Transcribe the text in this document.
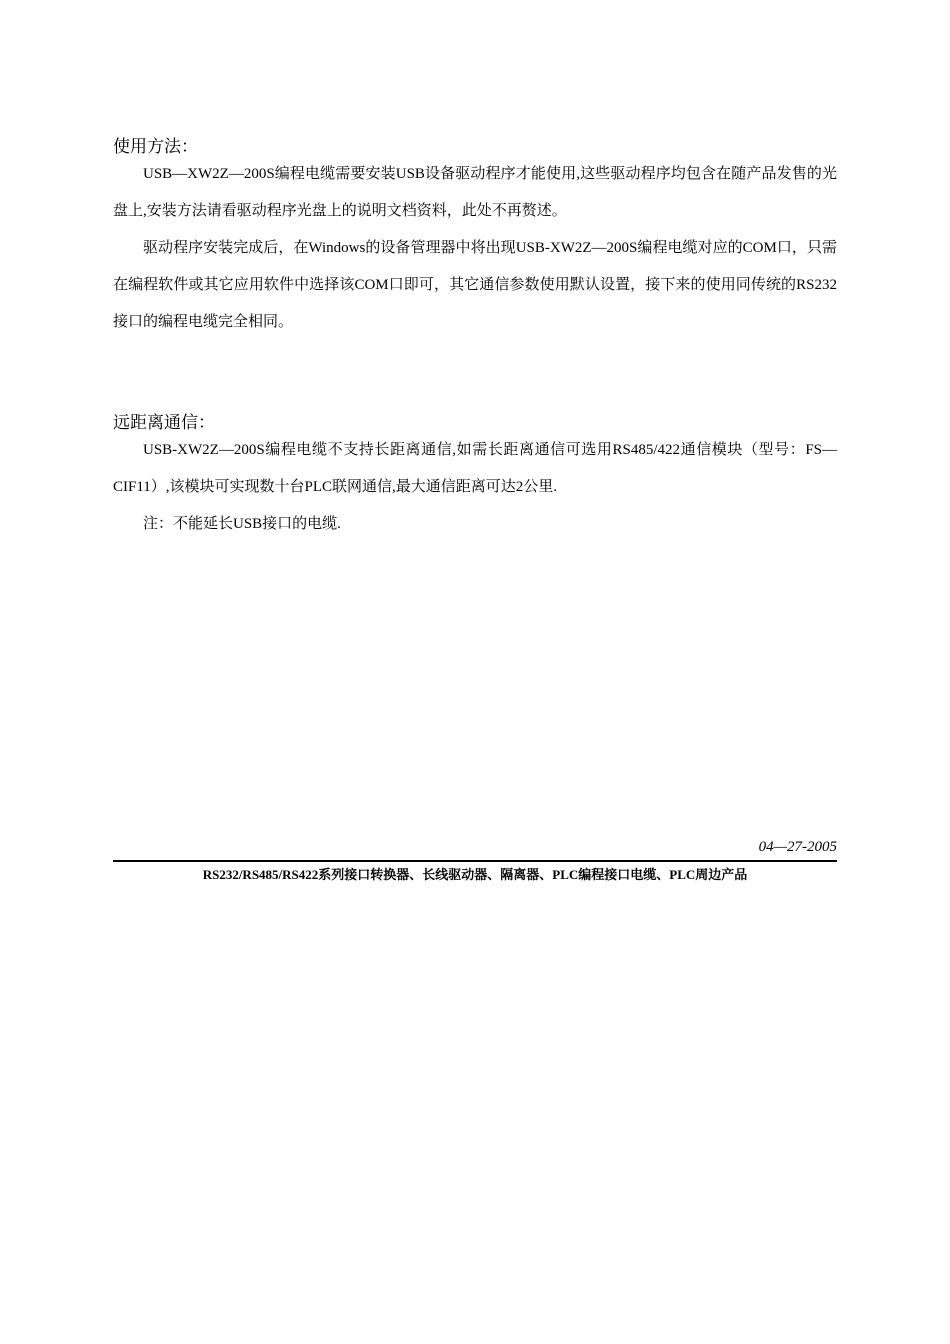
使用方法：

USB—XW2Z—200S编程电缆需要安装USB设备驱动程序才能使用,这些驱动程序均包含在随产品发售的光盘上,安装方法请看驱动程序光盘上的说明文档资料，此处不再赘述。

驱动程序安装完成后，在Windows的设备管理器中将出现USB-XW2Z—200S编程电缆对应的COM口，只需在编程软件或其它应用软件中选择该COM口即可，其它通信参数使用默认设置，接下来的使用同传统的RS232接口的编程电缆完全相同。

远距离通信：

USB-XW2Z—200S编程电缆不支持长距离通信,如需长距离通信可选用RS485/422通信模块（型号：FS—CIF11）,该模块可实现数十台PLC联网通信,最大通信距离可达2公里.

注：不能延长USB接口的电缆.

04—27-2005
RS232/RS485/RS422系列接口转换器、长线驱动器、隔离器、PLC编程接口电缆、PLC周边产品
